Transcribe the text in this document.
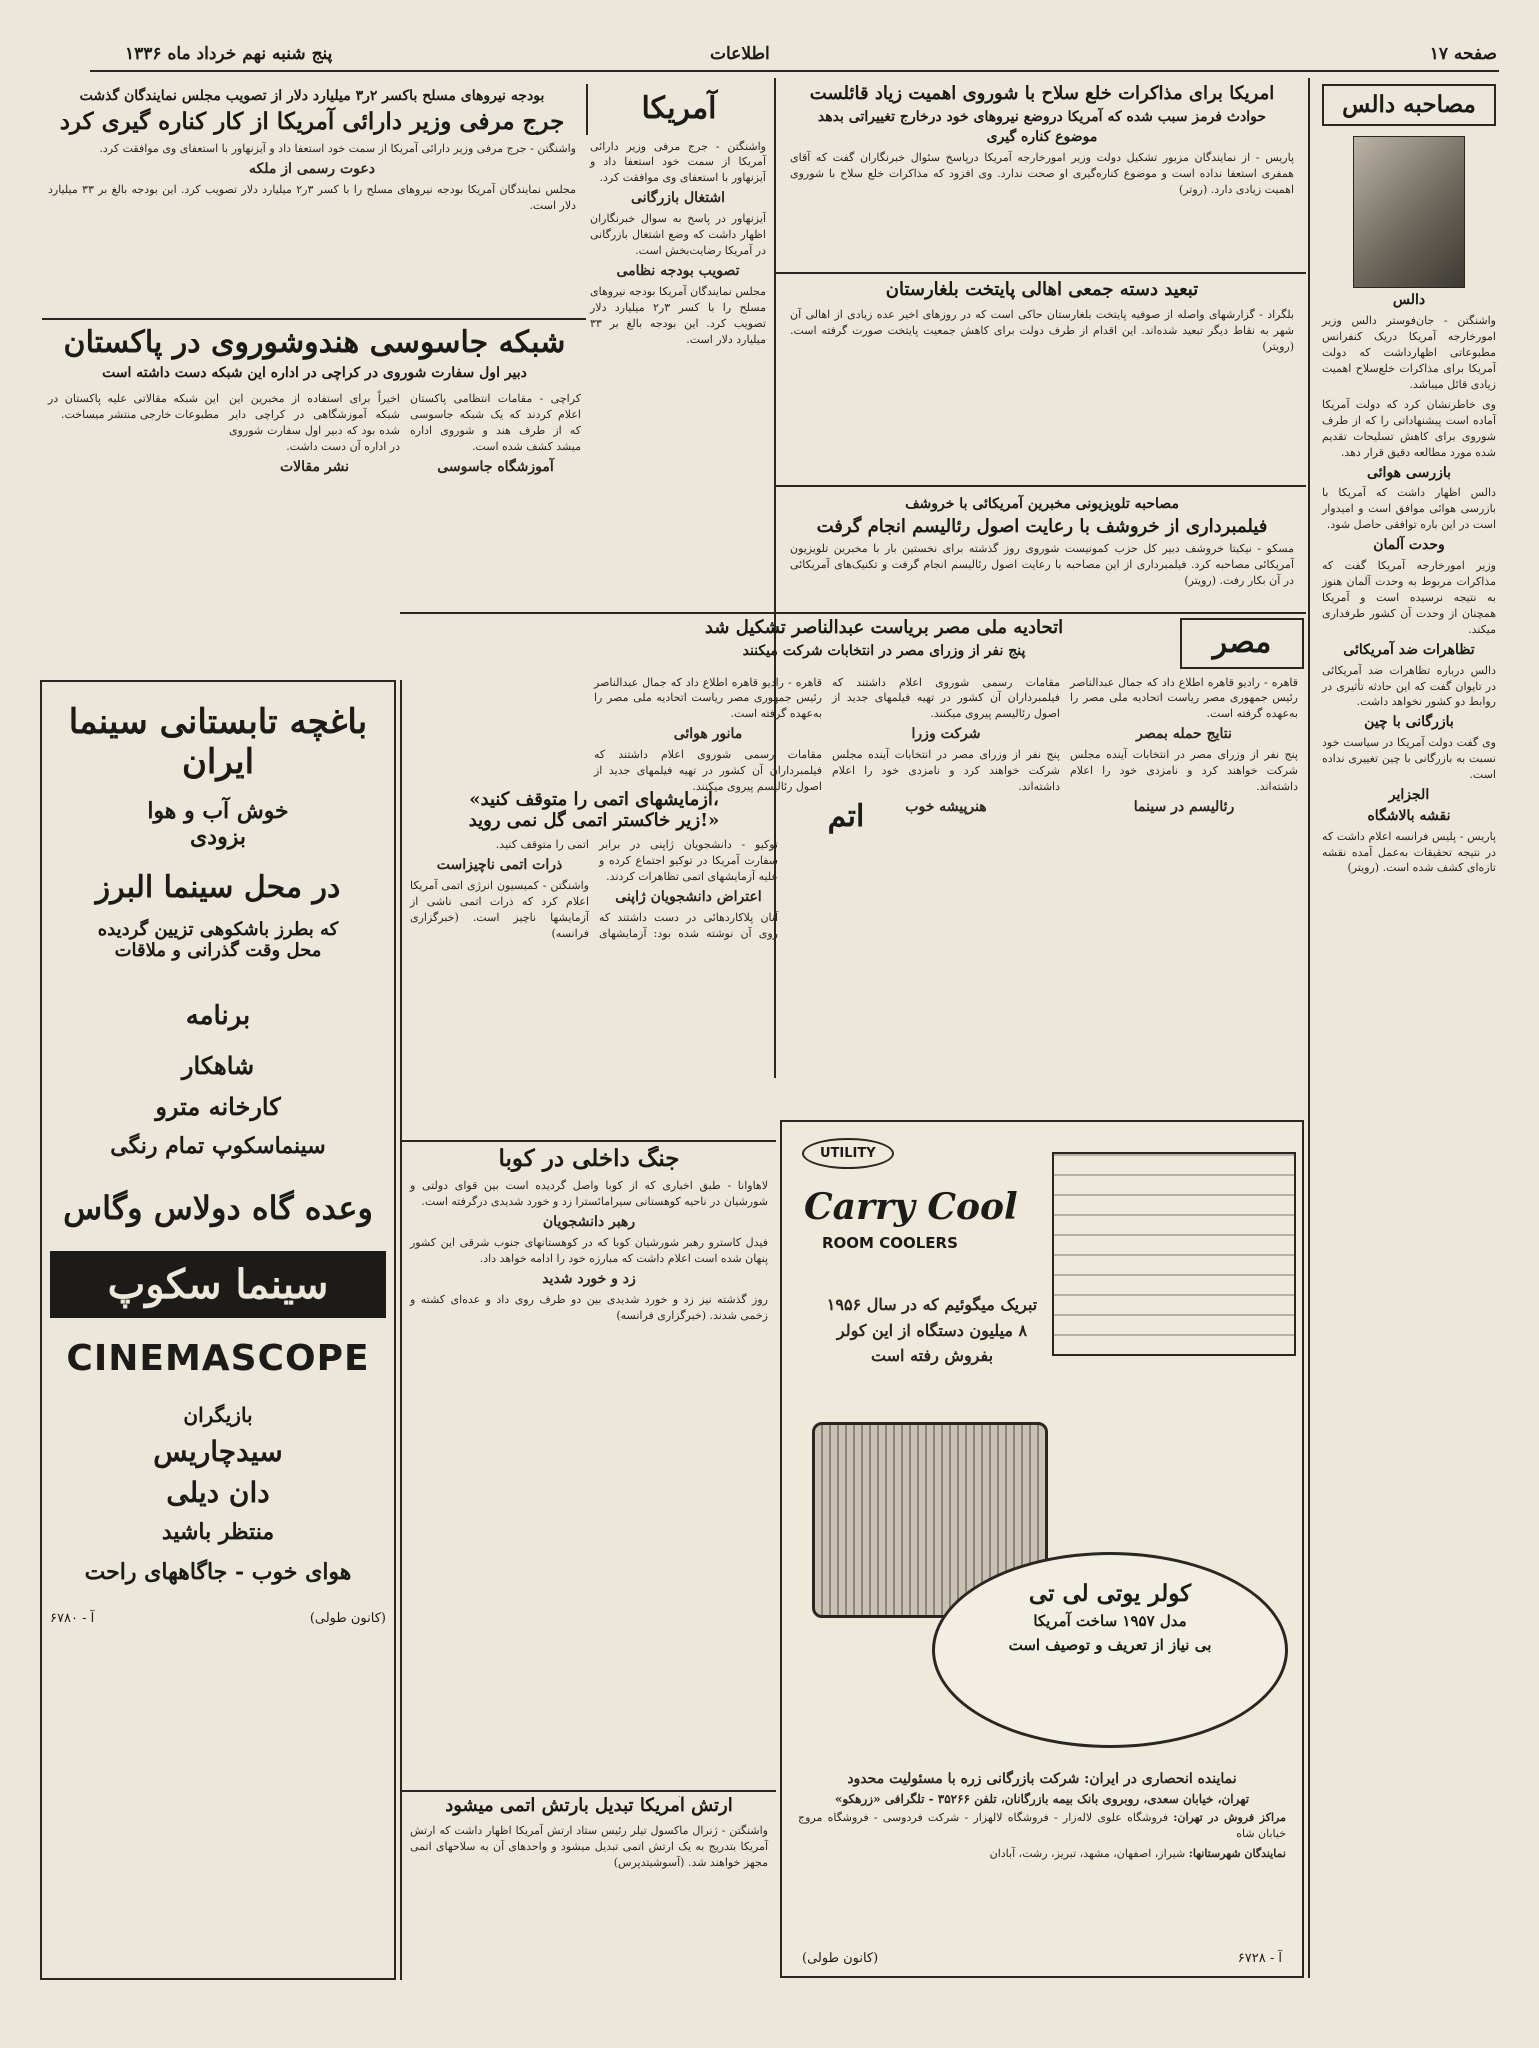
صفحه ۱۷
اطلاعات
پنج شنبه نهم خرداد ماه ۱۳۳۶
مصاحبه دالس
دالس

واشنگتن - جان‌فوستر دالس وزیر امورخارجه آمریکا دریک کنفرانس مطبوعاتی اظهارداشت که دولت آمریکا برای مذاکرات خلع‌سلاح اهمیت زیادی قائل میباشد.

وی خاطرنشان کرد که دولت آمریکا آماده است پیشنهاداتی را که از طرف شوروی برای کاهش تسلیحات تقدیم شده مورد مطالعه دقیق قرار دهد.

بازرسی هوائی

دالس اظهار داشت که آمریکا با بازرسی هوائی موافق است و امیدوار است در این باره توافقی حاصل شود.

وحدت آلمان

وزیر امورخارجه آمریکا گفت که مذاکرات مربوط به وحدت آلمان هنوز به نتیجه نرسیده است و آمریکا همچنان از وحدت آن کشور طرفداری میکند.

تظاهرات ضد آمریکائی

دالس درباره تظاهرات ضد آمریکائی در تایوان گفت که این حادثه تأثیری در روابط دو کشور نخواهد داشت.

بازرگانی با چین

وی گفت دولت آمریکا در سیاست خود نسبت به بازرگانی با چین تغییری نداده است.

الجزایر
نقشه بالاشگاه

پاریس - پلیس فرانسه اعلام داشت که در نتیجه تحقیقات به‌عمل آمده نقشه تازه‌ای کشف شده است. (رویتر)

امریکا برای مذاکرات خلع سلاح با شوروی اهمیت زیاد قائلست
حوادث فرمز سبب شده که آمریکا دروضع نیروهای خود درخارج تغییراتی بدهد
موضوع کناره گیری

پاریس - از نمایندگان مزبور تشکیل دولت وزیر امورخارجه آمریکا درپاسخ سئوال خبرنگاران گفت که آقای همفری استعفا نداده است و موضوع کناره‌گیری او صحت ندارد. وی افزود که مذاکرات خلع سلاح با شوروی اهمیت زیادی دارد. (روتر)

تبعید دسته جمعی اهالی پایتخت بلغارستان

بلگراد - گزارشهای واصله از صوفیه پایتخت بلغارستان حاکی است که در روزهای اخیر عده زیادی از اهالی آن شهر به نقاط دیگر تبعید شده‌اند. این اقدام از طرف دولت برای کاهش جمعیت پایتخت صورت گرفته است. (رویتر)

مصاحبه تلویزیونی مخبرین آمریکائی با خروشف
فیلمبرداری از خروشف با رعایت اصول رئالیسم انجام گرفت

مسکو - نیکیتا خروشف دبیر کل حزب کمونیست شوروی روز گذشته برای نخستین بار با مخبرین تلویزیون آمریکائی مصاحبه کرد. فیلمبرداری از این مصاحبه با رعایت اصول رئالیسم انجام گرفت و تکنیک‌های آمریکائی در آن بکار رفت. (رویتر)

آمریکا

واشنگتن - جرج مرفی وزیر دارائی آمریکا از سمت خود استعفا داد و آیزنهاور با استعفای وی موافقت کرد.

اشتغال بازرگانی

آیزنهاور در پاسخ به سوال خبرنگاران اظهار داشت که وضع اشتغال بازرگانی در آمریکا رضایت‌بخش است.

تصویب بودجه نظامی

مجلس نمایندگان آمریکا بودجه نیروهای مسلح را با کسر ۳ر۲ میلیارد دلار تصویب کرد. این بودجه بالغ بر ۳۳ میلیارد دلار است.

بودجه نیروهای مسلح باکسر ۲ر۳ میلیارد دلار از تصویب مجلس نمایندگان گذشت
جرج مرفی وزیر دارائی آمریکا از کار کناره گیری کرد

واشنگتن - جرج مرفی وزیر دارائی آمریکا از سمت خود استعفا داد و آیزنهاور با استعفای وی موافقت کرد.

دعوت رسمی از ملکه

مجلس نمایندگان آمریکا بودجه نیروهای مسلح را با کسر ۳ر۲ میلیارد دلار تصویب کرد. این بودجه بالغ بر ۳۳ میلیارد دلار است.

شبکه جاسوسی هندوشوروی در پاکستان
دبیر اول سفارت شوروی در کراچی در اداره این شبکه دست داشته است

کراچی - مقامات انتظامی پاکستان اعلام کردند که یک شبکه جاسوسی که از طرف هند و شوروی اداره میشد کشف شده است.

آموزشگاه جاسوسی

اخیراً برای استفاده از مخبرین این شبکه آموزشگاهی در کراچی دایر شده بود که دبیر اول سفارت شوروی در اداره آن دست داشت.

نشر مقالات

این شبکه مقالاتی علیه پاکستان در مطبوعات خارجی منتشر میساخت.

مصر
اتحادیه ملی مصر بریاست عبدالناصر تشکیل شد
پنج نفر از وزرای مصر در انتخابات شرکت میکنند

قاهره - رادیو قاهره اطلاع داد که جمال عبدالناصر رئیس جمهوری مصر ریاست اتحادیه ملی مصر را به‌عهده گرفته است.

نتایج حمله بمصر

پنج نفر از وزرای مصر در انتخابات آینده مجلس شرکت خواهند کرد و نامزدی خود را اعلام داشته‌اند.

رئالیسم در سینما

مقامات رسمی شوروی اعلام داشتند که فیلمبرداران آن کشور در تهیه فیلمهای جدید از اصول رئالیسم پیروی میکنند.

شرکت وزرا

پنج نفر از وزرای مصر در انتخابات آینده مجلس شرکت خواهند کرد و نامزدی خود را اعلام داشته‌اند.

هنرپیشه خوب

قاهره - رادیو قاهره اطلاع داد که جمال عبدالناصر رئیس جمهوری مصر ریاست اتحادیه ملی مصر را به‌عهده گرفته است.

مانور هوائی

مقامات رسمی شوروی اعلام داشتند که فیلمبرداران آن کشور در تهیه فیلمهای جدید از اصول رئالیسم پیروی میکنند.

«آزمایشهای اتمی را متوقف کنید،
زیر خاکستر اتمی گل نمی روید!»

توکیو - دانشجویان ژاپنی در برابر سفارت آمریکا در توکیو اجتماع کرده و علیه آزمایشهای اتمی تظاهرات کردند.

اعتراض دانشجویان ژاپنی

آنان پلاکاردهائی در دست داشتند که روی آن نوشته شده بود: آزمایشهای اتمی را متوقف کنید.

ذرات اتمی ناچیزاست

واشنگتن - کمیسیون انرژی اتمی آمریکا اعلام کرد که ذرات اتمی ناشی از آزمایشها ناچیز است. (خبرگزاری فرانسه)

اتم
جنگ داخلی در کوبا

لاهاوانا - طبق اخباری که از کوبا واصل گردیده است بین قوای دولتی و شورشیان در ناحیه کوهستانی سیرامائسترا زد و خورد شدیدی درگرفته است.

رهبر دانشجویان

فیدل کاسترو رهبر شورشیان کوبا که در کوهستانهای جنوب شرقی این کشور پنهان شده است اعلام داشت که مبارزه خود را ادامه خواهد داد.

زد و خورد شدید

روز گذشته نیز زد و خورد شدیدی بین دو طرف روی داد و عده‌ای کشته و زخمی شدند. (خبرگزاری فرانسه)

ارتش آمریکا تبدیل بارتش اتمی میشود

واشنگتن - ژنرال ماکسول تیلر رئیس ستاد ارتش آمریکا اظهار داشت که ارتش آمریکا بتدریج به یک ارتش اتمی تبدیل میشود و واحدهای آن به سلاحهای اتمی مجهز خواهند شد. (آسوشیتدپرس)

باغچه تابستانی سینما ایران
خوش آب و هوا
بزودی
در محل سینما البرز
که بطرز باشکوهی تزیین گردیده
محل وقت گذرانی و ملاقات
برنامه
شاهکار
کارخانه مترو
سینماسکوپ تمام رنگی
وعده گاه دولاس وگاس
سینما سکوپ
CINEMASCOPE
بازیگران
سیدچاریس
دان دیلی
منتظر باشید
هوای خوب - جاگاههای راحت
آ - ۶۷۸۰	(کانون طولی)
UTILITY
Carry Cool
ROOM COOLERS
تبریک میگوئیم که در سال ۱۹۵۶
۸ میلیون دستگاه از این کولر
بفروش رفته است
کولر یوتی لی تی
مدل ۱۹۵۷ ساخت آمریکا
بی نیاز از تعریف و توصیف است
نماینده انحصاری در ایران: شرکت بازرگانی زره با مسئولیت محدود
تهران، خیابان سعدی، روبروی بانک بیمه بازرگانان، تلفن ۳۵۲۶۶ - تلگرافی «زرهکو»

مراکز فروش در تهران: فروشگاه علوی لاله‌زار - فروشگاه لالهزار - شرکت فردوسی - فروشگاه مروج خیابان شاه

نمایندگان شهرستانها: شیراز، اصفهان، مشهد، تبریز، رشت، آبادان

(کانون طولی)	آ - ۶۷۲۸
